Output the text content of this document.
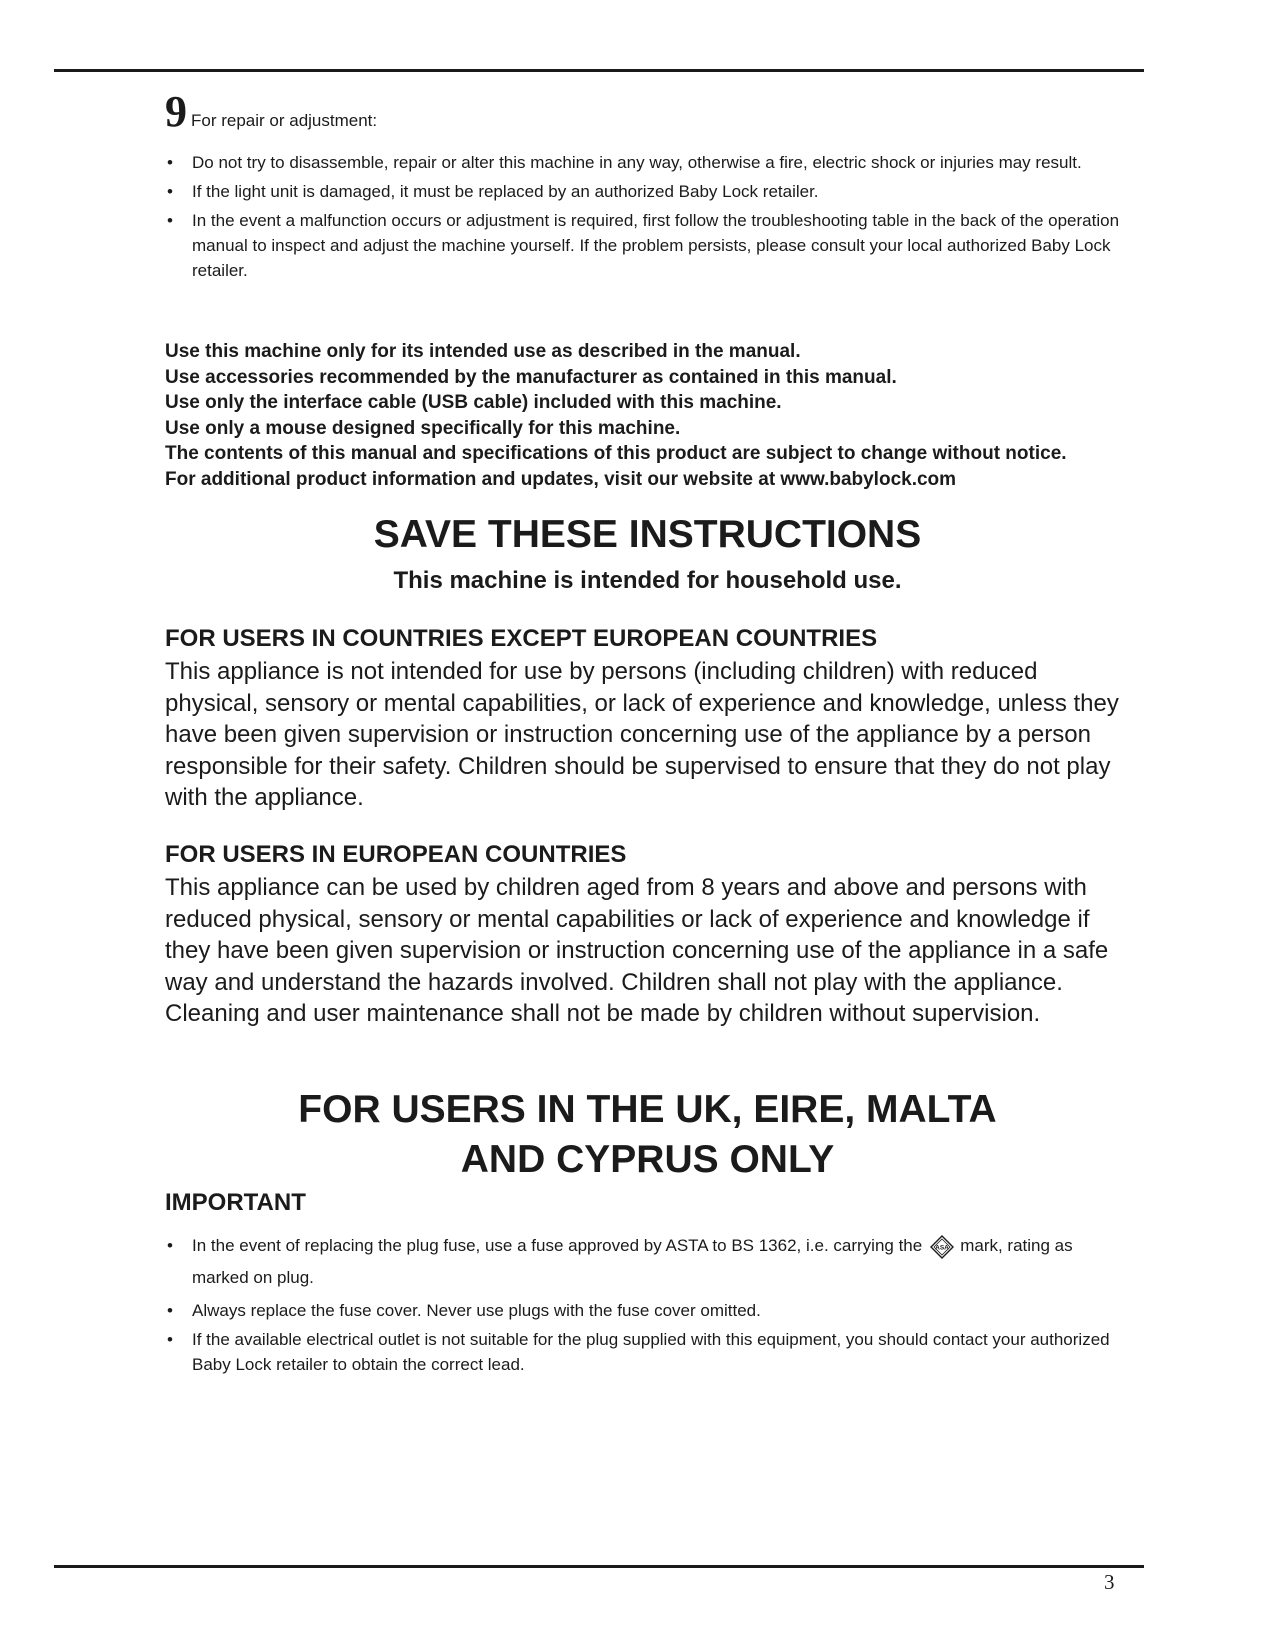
9 For repair or adjustment:
• Do not try to disassemble, repair or alter this machine in any way, otherwise a fire, electric shock or injuries may result.
• If the light unit is damaged, it must be replaced by an authorized Baby Lock retailer.
• In the event a malfunction occurs or adjustment is required, first follow the troubleshooting table in the back of the operation manual to inspect and adjust the machine yourself. If the problem persists, please consult your local authorized Baby Lock retailer.
Use this machine only for its intended use as described in the manual.
Use accessories recommended by the manufacturer as contained in this manual.
Use only the interface cable (USB cable) included with this machine.
Use only a mouse designed specifically for this machine.
The contents of this manual and specifications of this product are subject to change without notice.
For additional product information and updates, visit our website at www.babylock.com
SAVE THESE INSTRUCTIONS
This machine is intended for household use.
FOR USERS IN COUNTRIES EXCEPT EUROPEAN COUNTRIES
This appliance is not intended for use by persons (including children) with reduced physical, sensory or mental capabilities, or lack of experience and knowledge, unless they have been given supervision or instruction concerning use of the appliance by a person responsible for their safety. Children should be supervised to ensure that they do not play with the appliance.
FOR USERS IN EUROPEAN COUNTRIES
This appliance can be used by children aged from 8 years and above and persons with reduced physical, sensory or mental capabilities or lack of experience and knowledge if they have been given supervision or instruction concerning use of the appliance in a safe way and understand the hazards involved. Children shall not play with the appliance. Cleaning and user maintenance shall not be made by children without supervision.
FOR USERS IN THE UK, EIRE, MALTA
AND CYPRUS ONLY
IMPORTANT
• In the event of replacing the plug fuse, use a fuse approved by ASTA to BS 1362, i.e. carrying the ASA mark, rating as marked on plug.
• Always replace the fuse cover. Never use plugs with the fuse cover omitted.
• If the available electrical outlet is not suitable for the plug supplied with this equipment, you should contact your authorized Baby Lock retailer to obtain the correct lead.
3
